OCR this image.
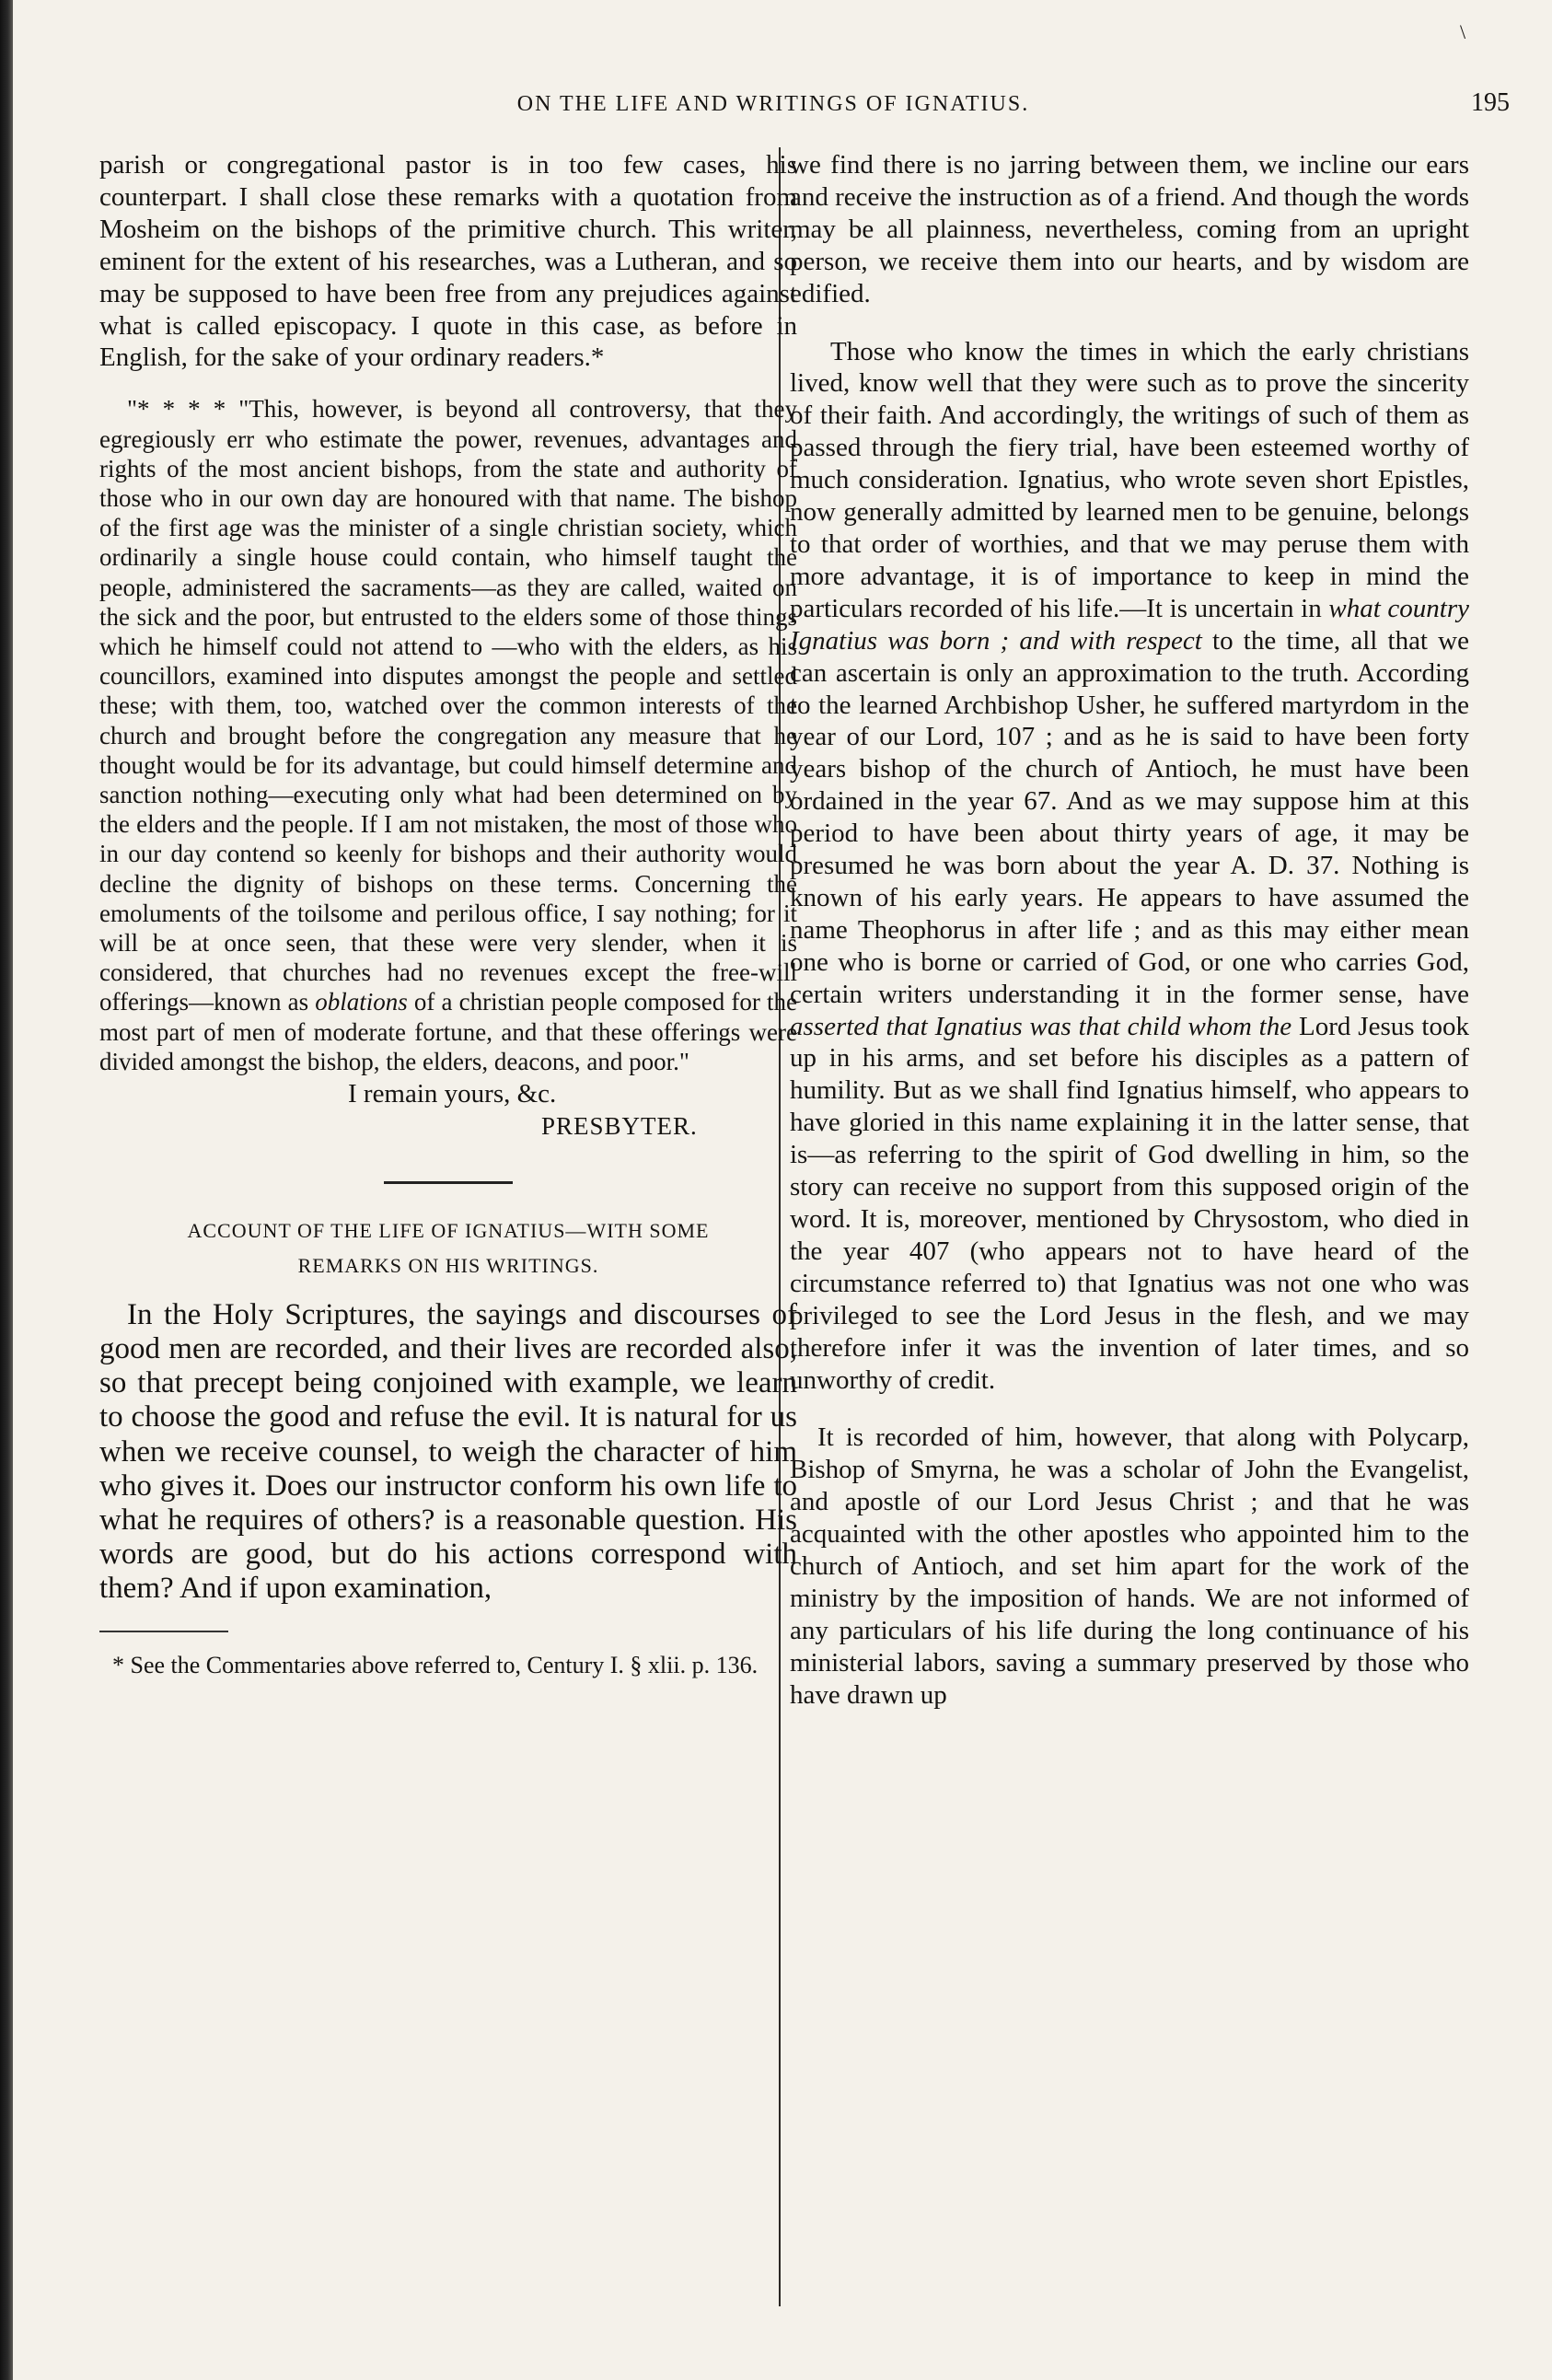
\
ON THE LIFE AND WRITINGS OF IGNATIUS.	195

parish or congregational pastor is in too few cases, his counterpart. I shall close these remarks with a quotation from Mosheim on the bishops of the primitive church. This writer, eminent for the extent of his researches, was a Lutheran, and so may be supposed to have been free from any prejudices against what is called episcopacy. I quote in this case, as before in English, for the sake of your ordinary readers.*

"* * * * "This, however, is beyond all controversy, that they egregiously err who estimate the power, revenues, advantages and rights of the most ancient bishops, from the state and authority of those who in our own day are honoured with that name. The bishop of the first age was the minister of a single christian society, which ordinarily a single house could contain, who himself taught the people, administered the sacraments—as they are called, waited on the sick and the poor, but entrusted to the elders some of those things which he himself could not attend to —who with the elders, as his councillors, examined into disputes amongst the people and settled these; with them, too, watched over the common interests of the church and brought before the congregation any measure that he thought would be for its advantage, but could himself determine and sanction nothing—executing only what had been determined on by the elders and the people. If I am not mistaken, the most of those who in our day contend so keenly for bishops and their authority would decline the dignity of bishops on these terms. Concerning the emoluments of the toilsome and perilous office, I say nothing; for it will be at once seen, that these were very slender, when it is considered, that churches had no revenues except the free-will offerings—known as oblations of a christian people composed for the most part of men of moderate fortune, and that these offerings were divided amongst the bishop, the elders, deacons, and poor."

I remain yours, &c.

PRESBYTER.

ACCOUNT OF THE LIFE OF IGNATIUS—WITH SOME
REMARKS ON HIS WRITINGS.

In the Holy Scriptures, the sayings and discourses of good men are recorded, and their lives are recorded also, so that precept being conjoined with example, we learn to choose the good and refuse the evil. It is natural for us when we receive counsel, to weigh the character of him who gives it. Does our instructor conform his own life to what he requires of others? is a reasonable question. His words are good, but do his actions correspond with them? And if upon examination,

* See the Commentaries above referred to, Century I. § xlii. p. 136.

we find there is no jarring between them, we incline our ears and receive the instruction as of a friend. And though the words may be all plainness, nevertheless, coming from an upright person, we receive them into our hearts, and by wisdom are edified.

Those who know the times in which the early christians lived, know well that they were such as to prove the sincerity of their faith. And accordingly, the writings of such of them as passed through the fiery trial, have been esteemed worthy of much consideration. Ignatius, who wrote seven short Epistles, now generally admitted by learned men to be genuine, belongs to that order of worthies, and that we may peruse them with more advantage, it is of importance to keep in mind the particulars recorded of his life.—It is uncertain in what country Ignatius was born ; and with respect to the time, all that we can ascertain is only an approximation to the truth. According to the learned Archbishop Usher, he suffered martyrdom in the year of our Lord, 107 ; and as he is said to have been forty years bishop of the church of Antioch, he must have been ordained in the year 67. And as we may suppose him at this period to have been about thirty years of age, it may be presumed he was born about the year A. D. 37. Nothing is known of his early years. He appears to have assumed the name Theophorus in after life ; and as this may either mean one who is borne or carried of God, or one who carries God, certain writers understanding it in the former sense, have asserted that Ignatius was that child whom the Lord Jesus took up in his arms, and set before his disciples as a pattern of humility. But as we shall find Ignatius himself, who appears to have gloried in this name explaining it in the latter sense, that is—as referring to the spirit of God dwelling in him, so the story can receive no support from this supposed origin of the word. It is, moreover, mentioned by Chrysostom, who died in the year 407 (who appears not to have heard of the circumstance referred to) that Ignatius was not one who was privileged to see the Lord Jesus in the flesh, and we may therefore infer it was the invention of later times, and so unworthy of credit.

It is recorded of him, however, that along with Polycarp, Bishop of Smyrna, he was a scholar of John the Evangelist, and apostle of our Lord Jesus Christ ; and that he was acquainted with the other apostles who appointed him to the church of Antioch, and set him apart for the work of the ministry by the imposition of hands. We are not informed of any particulars of his life during the long continuance of his ministerial labors, saving a summary preserved by those who have drawn up
